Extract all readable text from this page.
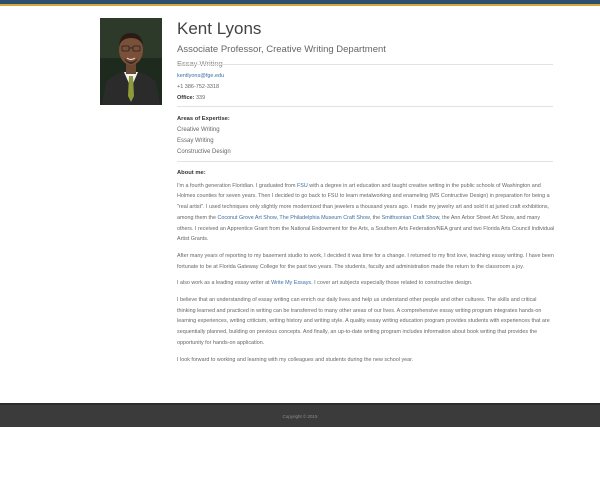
Kent Lyons
Associate Professor, Creative Writing Department
kentlyons@fge.edu
+1 386-752-3318
Office: 339
Areas of Expertise:
Creative Writing
Essay Writing
Constructive Design
About me:

I'm a fourth generation Floridian. I graduated from FSU with a degree in art education and taught creative writing in the public schools of Washington and Holmes counties for seven years. Then I decided to go back to FSU to learn metalworking and enameling (MS Contructive Design) in preparation for being a "real artist". I used techniques only slightly more modernized than jewelers a thousand years ago. I made my jewelry art and sold it at juried craft exhibitions, among them the Coconut Grove Art Show, The Philadelphia Museum Craft Show, the Smithsonian Craft Show, the Ann Arbor Street Art Show, and many others. I received an Apprentice Grant from the National Endowment for the Arts, a Southern Arts Federation/NEA grant and two Florida Arts Council Individual Artist Grants.

After many years of reporting to my basement studio to work, I decided it was time for a change. I returned to my first love, teaching essay writing. I have been fortunate to be at Florida Gateway College for the past two years. The students, faculty and administration made the return to the classroom a joy.

I also work as a leading essay writer at Write My Essays. I cover art subjects especially those related to constructive design.

I believe that an understanding of essay writing can enrich our daily lives and help us understand other people and other cultures. The skills and critical thinking learned and practiced in writing can be transferred to many other areas of our lives. A comprehensive essay writing program integrates hands-on learning experiences, writing criticism, writing history and writing style. A quality essay writing education program provides students with experiences that are sequentially planned, building on previous concepts. And finally, an up-to-date writing program includes information about book writing that provides the opportunity for hands-on application.

I look forward to working and learning with my colleagues and students during the new school year.

Copyright © 2015
